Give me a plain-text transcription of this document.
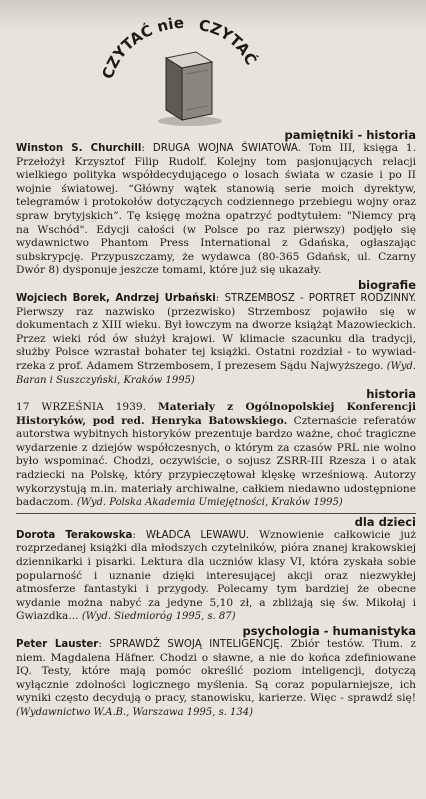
CZYTAĆ nie CZYTAĆ
pamiętniki - historia

Winston S. Churchill: DRUGA WOJNA ŚWIATOWA. Tom III, księga 1. Przełożył Krzysztof Filip Rudolf. Kolejny tom pasjonujących relacji wielkiego polityka współdecydującego o losach świata w czasie i po II wojnie światowej. “Główny wątek stanowią serie moich dyrektyw, telegramów i protokołów dotyczących codziennego przebiegu wojny oraz spraw brytyjskich”. Tę księgę można opatrzyć podtytułem: "Niemcy prą na Wschód". Edycji całości (w Polsce po raz pierwszy) podjęło się wydawnictwo Phantom Press International z Gdańska, ogłaszając subskrypcję. Przypuszczamy, że wydawca (80-365 Gdańsk, ul. Czarny Dwór 8) dysponuje jeszcze tomami, które już się ukazały.

biografie

Wojciech Borek, Andrzej Urbański: STRZEMBOSZ - PORTRET RODZINNY. Pierwszy raz nazwisko (przezwisko) Strzembosz pojawiło się w dokumentach z XIII wieku. Był łowczym na dworze książąt Mazowieckich. Przez wieki ród ów służył krajowi. W klimacie szacunku dla tradycji, służby Polsce wzrastał bohater tej książki. Ostatni rozdział - to wywiad-rzeka z prof. Adamem Strzembosem, I prezesem Sądu Najwyższego. (Wyd. Baran i Suszczyński, Kraków 1995)

historia

17 WRZEŚNIA 1939. Materiały z Ogólnopolskiej Konferencji Historyków, pod red. Henryka Batowskiego. Czternaście referatów autorstwa wybitnych historyków prezentuje bardzo ważne, choć tragiczne wydarzenie z dziejów współczesnych, o którym za czasów PRL nie wolno było wspominać. Chodzi, oczywiście, o sojusz ZSRR-III Rzesza i o atak radziecki na Polskę, który przypieczętował klęskę wrześniową. Autorzy wykorzystują m.in. materiały archiwalne, całkiem niedawno udostępnione badaczom. (Wyd. Polska Akademia Umiejętności, Kraków 1995)

dla dzieci

Dorota Terakowska: WŁADCA LEWAWU. Wznowienie całkowicie już rozprzedanej książki dla młodszych czytelników, pióra znanej krakowskiej dziennikarki i pisarki. Lektura dla uczniów klasy VI, która zyskała sobie popularność i uznanie dzięki interesującej akcji oraz niezwykłej atmosferze fantastyki i przygody. Polecamy tym bardziej że obecne wydanie można nabyć za jedyne 5,10 zł, a zbliżają się św. Mikołaj i Gwiazdka... (Wyd. Siedmioróg 1995, s. 87)

psychologia - humanistyka

Peter Lauster: SPRAWDŹ SWOJĄ INTELIGENCJĘ. Zbiór testów. Tłum. z niem. Magdalena Häfner. Chodzi o sławne, a nie do końca zdefiniowane IQ. Testy, które mają pomóc określić poziom inteligencji, dotyczą wyłącznie zdolności logicznego myślenia. Są coraz popularniejsze, ich wyniki często decydują o pracy, stanowisku, karierze. Więc - sprawdź się! (Wydawnictwo W.A.B., Warszawa 1995, s. 134)
